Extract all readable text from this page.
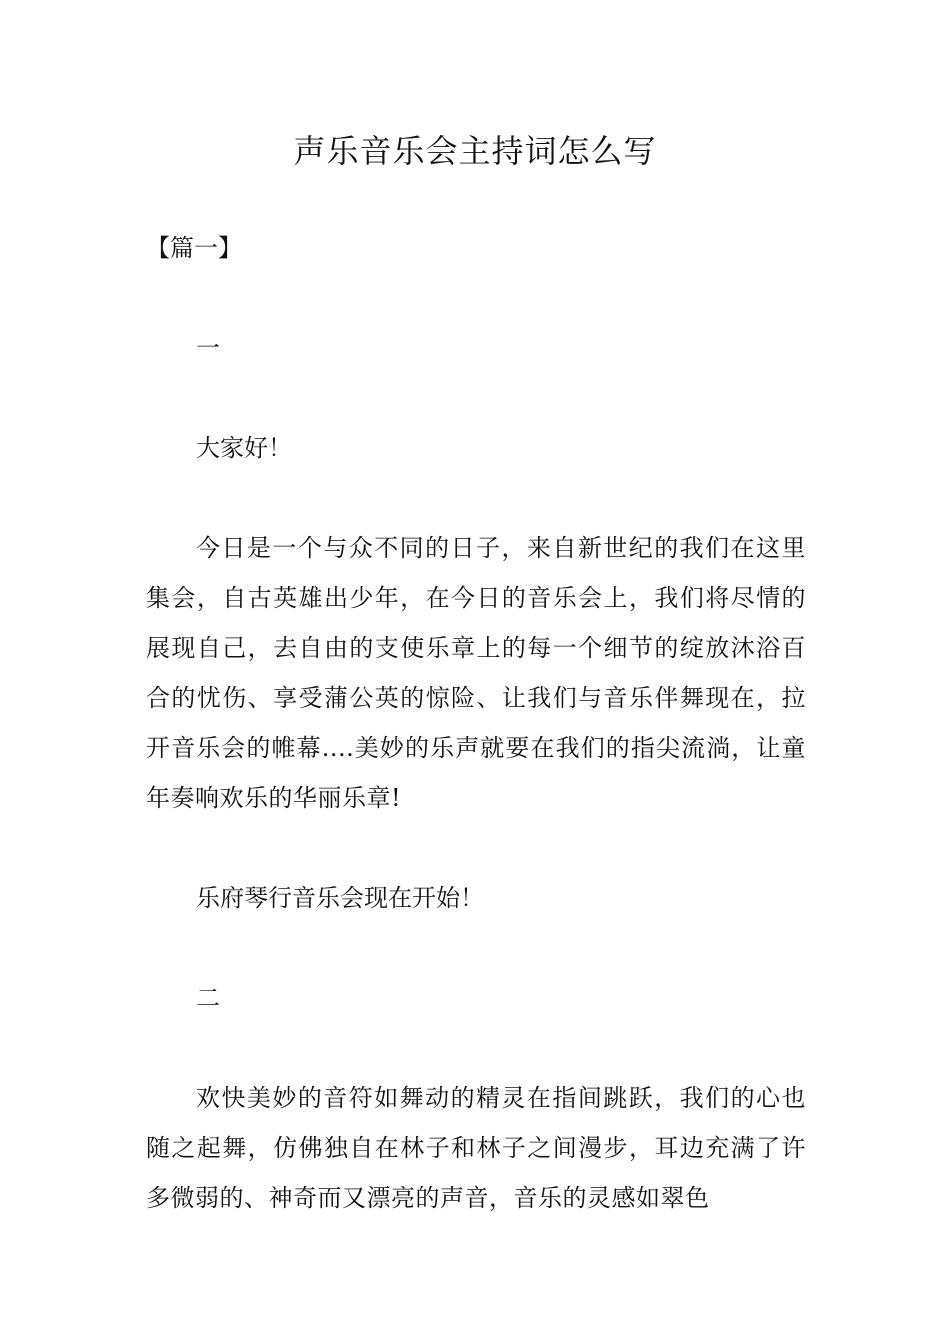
声乐音乐会主持词怎么写
【篇一】
一
大家好！
今日是一个与众不同的日子，来自新世纪的我们在这里集会，自古英雄出少年，在今日的音乐会上，我们将尽情的展现自己，去自由的支使乐章上的每一个细节的绽放沐浴百合的忧伤、享受蒲公英的惊险、让我们与音乐伴舞现在，拉开音乐会的帷幕....美妙的乐声就要在我们的指尖流淌，让童年奏响欢乐的华丽乐章!
乐府琴行音乐会现在开始！
二
欢快美妙的音符如舞动的精灵在指间跳跃，我们的心也随之起舞，仿佛独自在林子和林子之间漫步，耳边充满了许多微弱的、神奇而又漂亮的声音，音乐的灵感如翠色
